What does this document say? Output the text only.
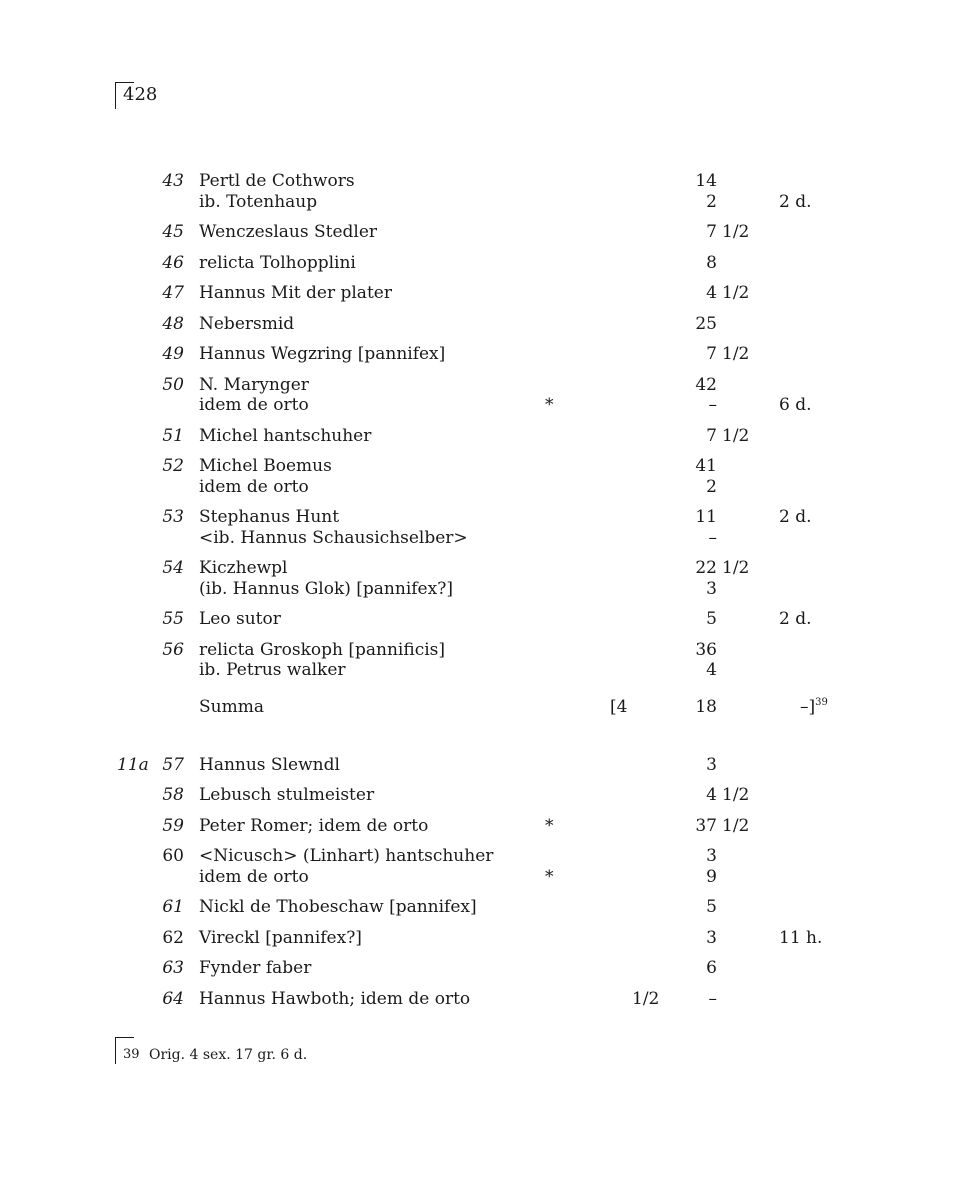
428
43 Pertl de Cothwors	14
ib. Totenhaup	2	2 d.
45 Wenczeslaus Stedler	7 1/2
46 relicta Tolhopplini	8
47 Hannus Mit der plater	4 1/2
48 Nebersmid	25
49 Hannus Wegzring [pannifex]	7 1/2
50 N. Marynger	42
idem de orto	*	–	6 d.
51 Michel hantschuher	7 1/2
52 Michel Boemus	41
idem de orto	2
53 Stephanus Hunt	11	2 d.
<ib. Hannus Schausichselber>	–
54 Kiczhewpl	22 1/2
(ib. Hannus Glok) [pannifex?]	3
55 Leo sutor	5	2 d.
56 relicta Groskoph [pannificis]	36
ib. Petrus walker	4
Summa	[4	18	–]$^{39}$
11a 57 Hannus Slewndl	3
58 Lebusch stulmeister	4 1/2
59 Peter Romer; idem de orto	*	37 1/2
60 <Nicusch> (Linhart) hantschuher	3
idem de orto	*	9
61 Nickl de Thobeschaw [pannifex]	5
62 Vireckl [pannifex?]	3	11 h.
63 Fynder faber	6
64 Hannus Hawboth; idem de orto	1/2	–
39 Orig. 4 sex. 17 gr. 6 d.
